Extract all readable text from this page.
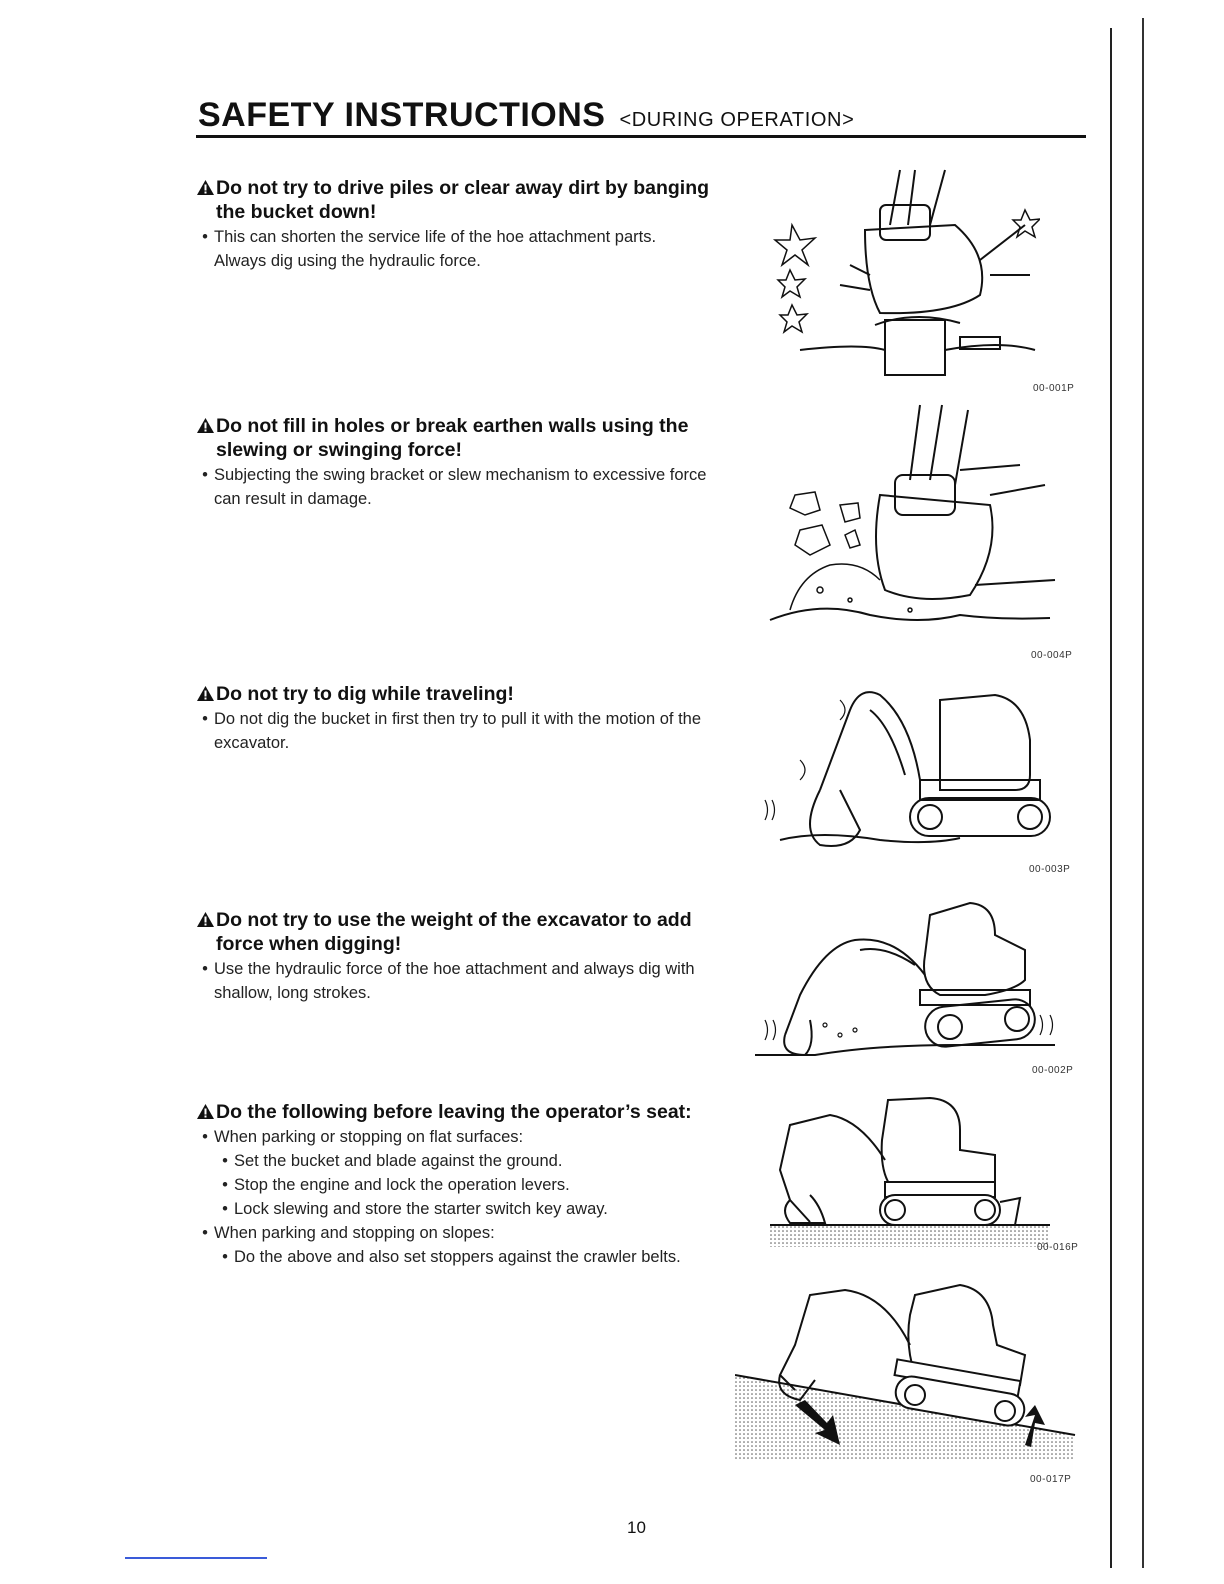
SAFETY INSTRUCTIONS <DURING OPERATION>
Do not try to drive piles or clear away dirt by banging the bucket down!
• This can shorten the service life of the hoe attachment parts. Always dig using the hydraulic force.
Do not fill in holes or break earthen walls using the slewing or swinging force!
• Subjecting the swing bracket or slew mechanism to excessive force can result in damage.
Do not try to dig while traveling!
• Do not dig the bucket in first then try to pull it with the motion of the excavator.
Do not try to use the weight of the excavator to add force when digging!
• Use the hydraulic force of the hoe attachment and always dig with shallow, long strokes.
Do the following before leaving the operator’s seat:
• When parking or stopping on flat surfaces:
• Set the bucket and blade against the ground.
• Stop the engine and lock the operation levers.
• Lock slewing and store the starter switch key away.
• When parking and stopping on slopes:
• Do the above and also set stoppers against the crawler belts.
00-001P
00-004P
00-003P
00-002P
00-016P
00-017P
10
